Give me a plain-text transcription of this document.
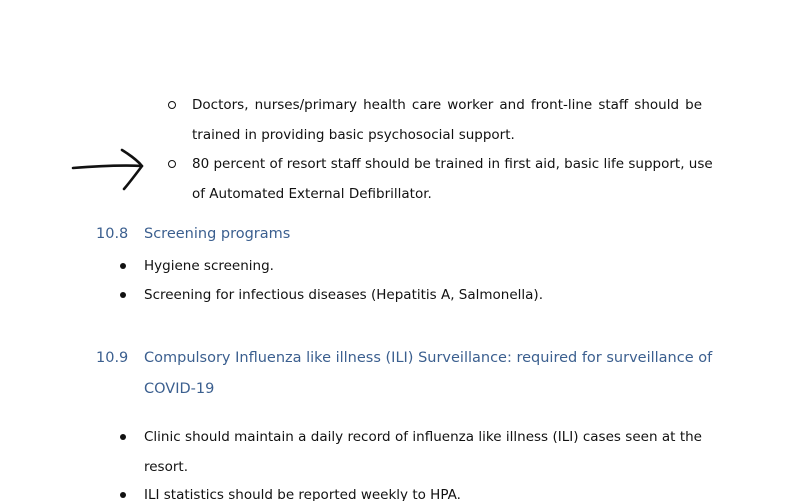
Doctors, nurses/primary health care worker and front-line staff should be
trained in providing basic psychosocial support.
80 percent of resort staff should be trained in first aid, basic life support, use
of Automated External Defibrillator.
10.8 Screening programs
Hygiene screening.
Screening for infectious diseases (Hepatitis A, Salmonella).
10.9 Compulsory Influenza like illness (ILI) Surveillance: required for surveillance of
COVID-19
Clinic should maintain a daily record of influenza like illness (ILI) cases seen at the
resort.
ILI statistics should be reported weekly to HPA.
